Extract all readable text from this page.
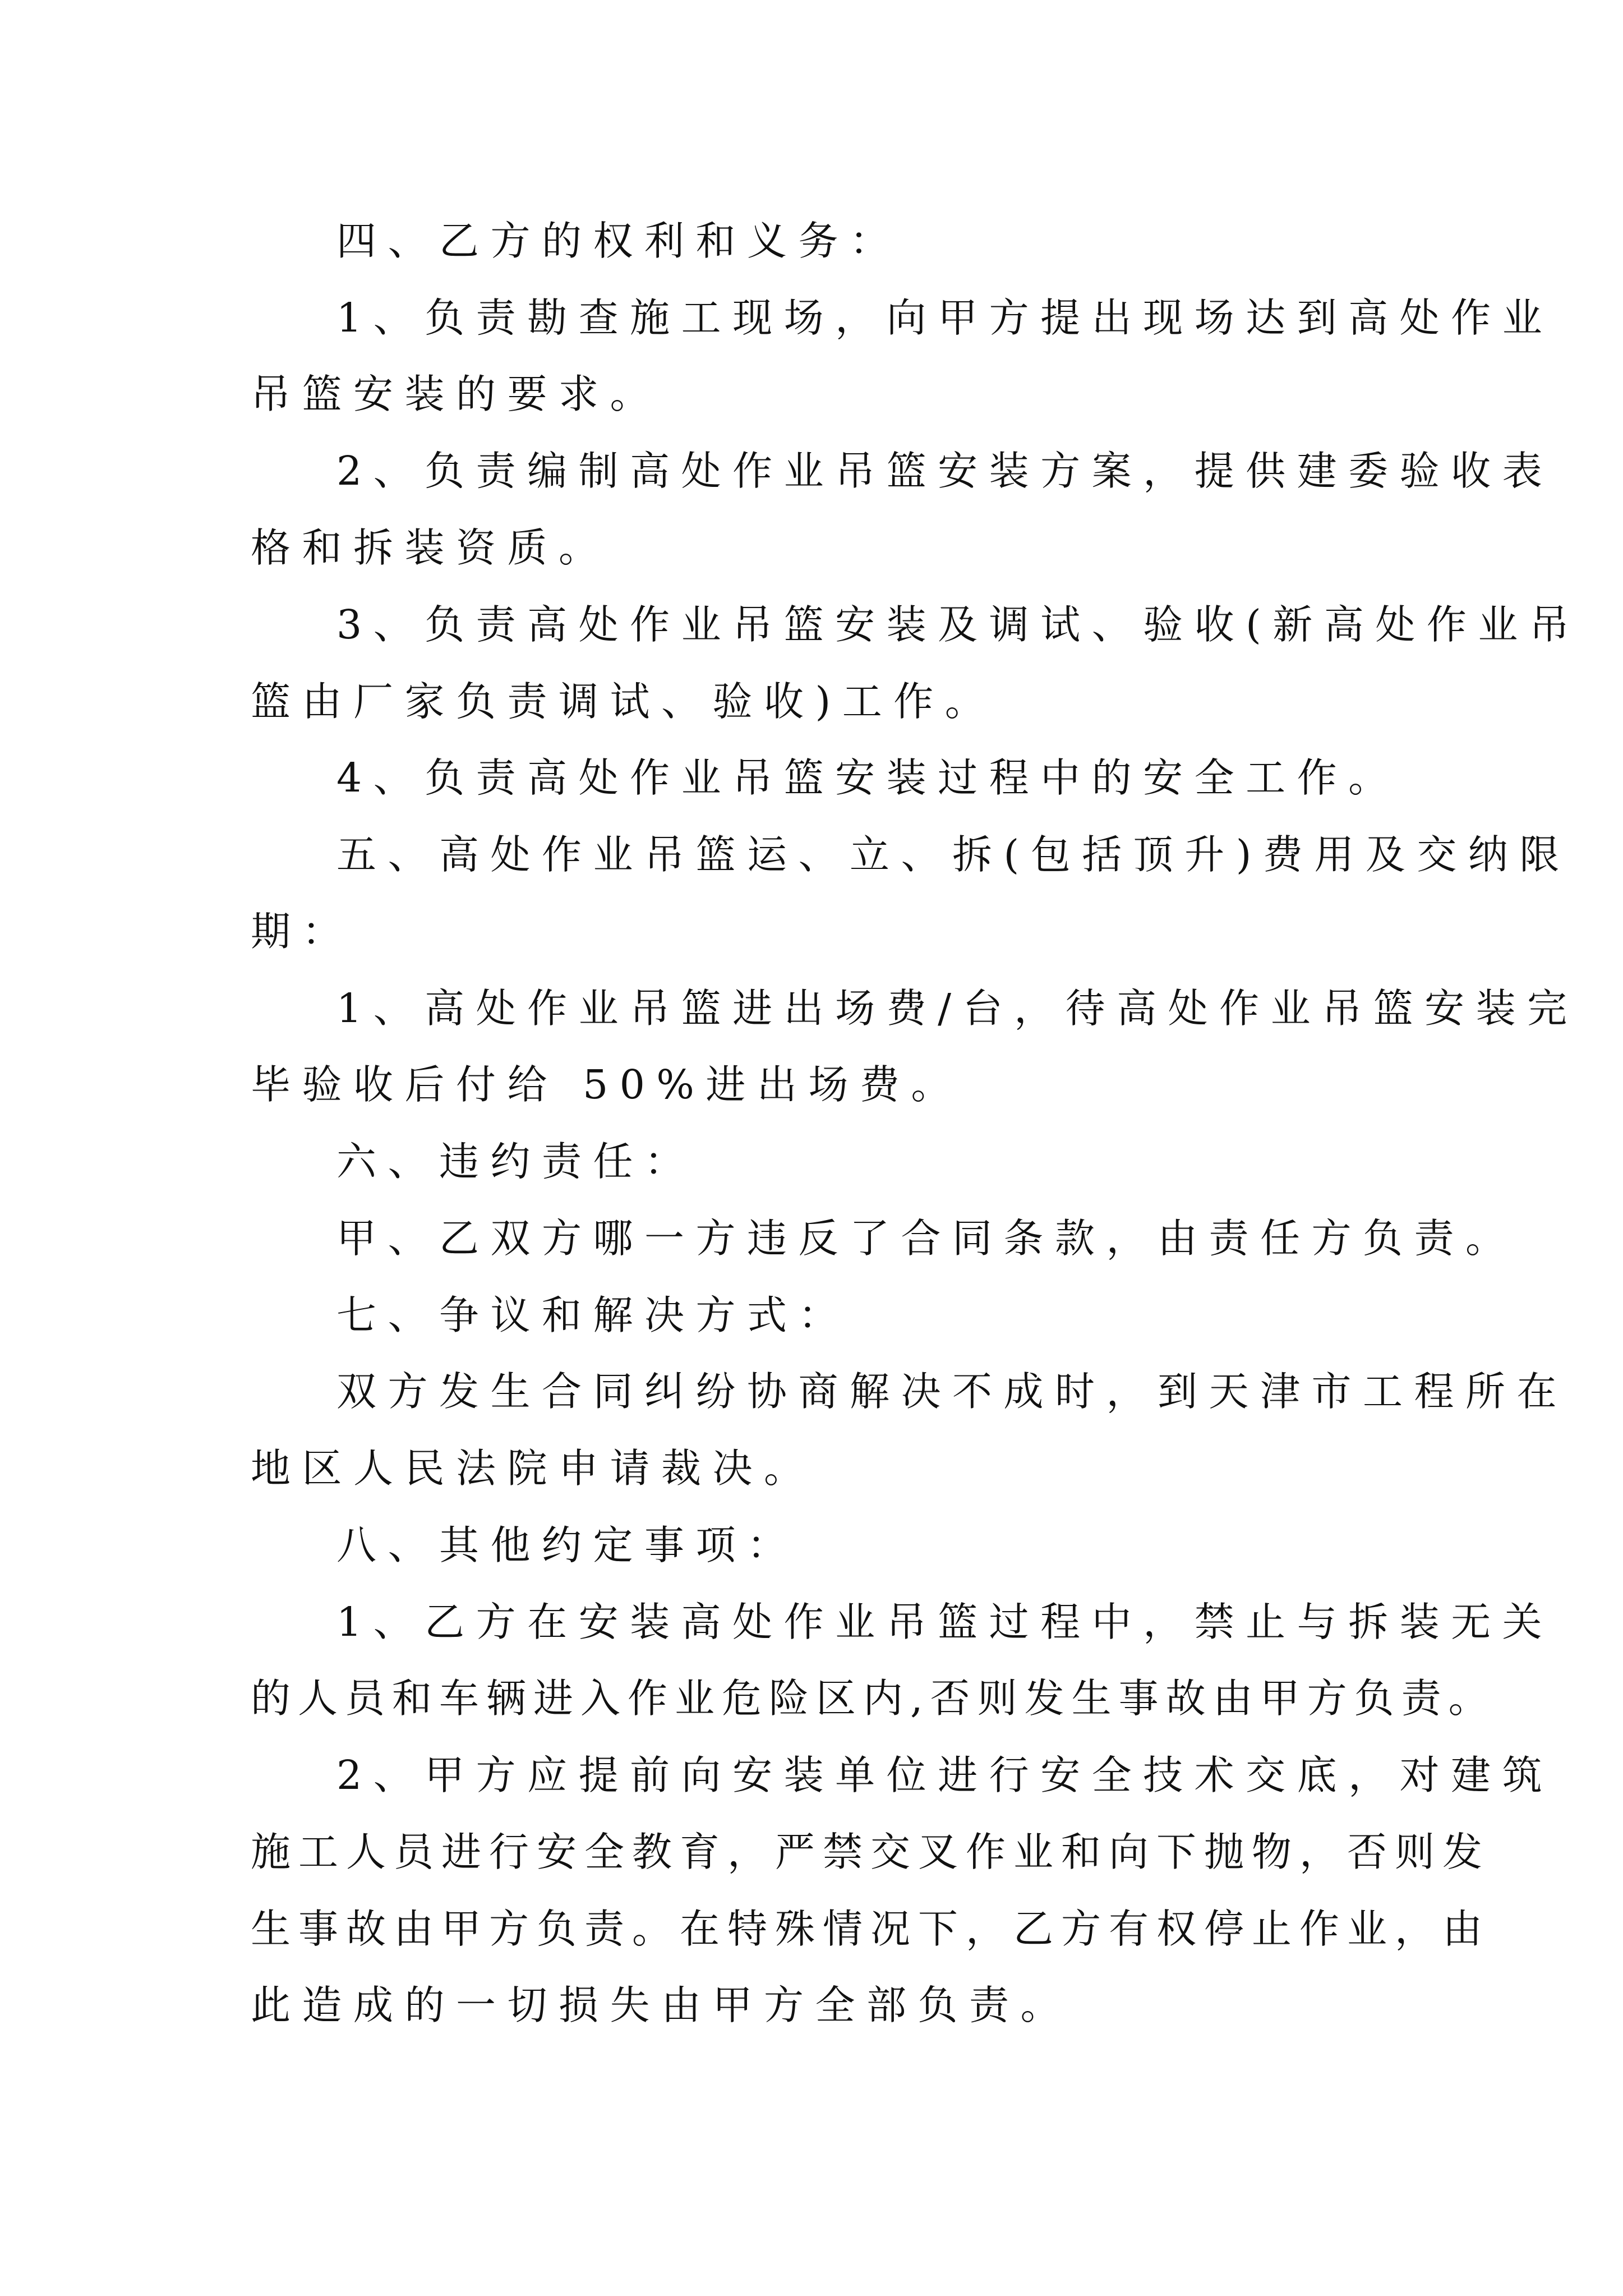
四、乙方的权利和义务：
1、负责勘查施工现场，向甲方提出现场达到高处作业
吊篮安装的要求。
2、负责编制高处作业吊篮安装方案，提供建委验收表
格和拆装资质。
3、负责高处作业吊篮安装及调试、验收(新高处作业吊
篮由厂家负责调试、验收)工作。
4、负责高处作业吊篮安装过程中的安全工作。
五、高处作业吊篮运、立、拆(包括顶升)费用及交纳限
期：
1、高处作业吊篮进出场费/台，待高处作业吊篮安装完
毕验收后付给 50%进出场费。
六、违约责任：
甲、乙双方哪一方违反了合同条款，由责任方负责。
七、争议和解决方式：
双方发生合同纠纷协商解决不成时，到天津市工程所在
地区人民法院申请裁决。
八、其他约定事项：
1、乙方在安装高处作业吊篮过程中，禁止与拆装无关
的人员和车辆进入作业危险区内,否则发生事故由甲方负责。
2、甲方应提前向安装单位进行安全技术交底，对建筑
施工人员进行安全教育，严禁交叉作业和向下抛物，否则发
生事故由甲方负责。在特殊情况下，乙方有权停止作业，由
此造成的一切损失由甲方全部负责。
